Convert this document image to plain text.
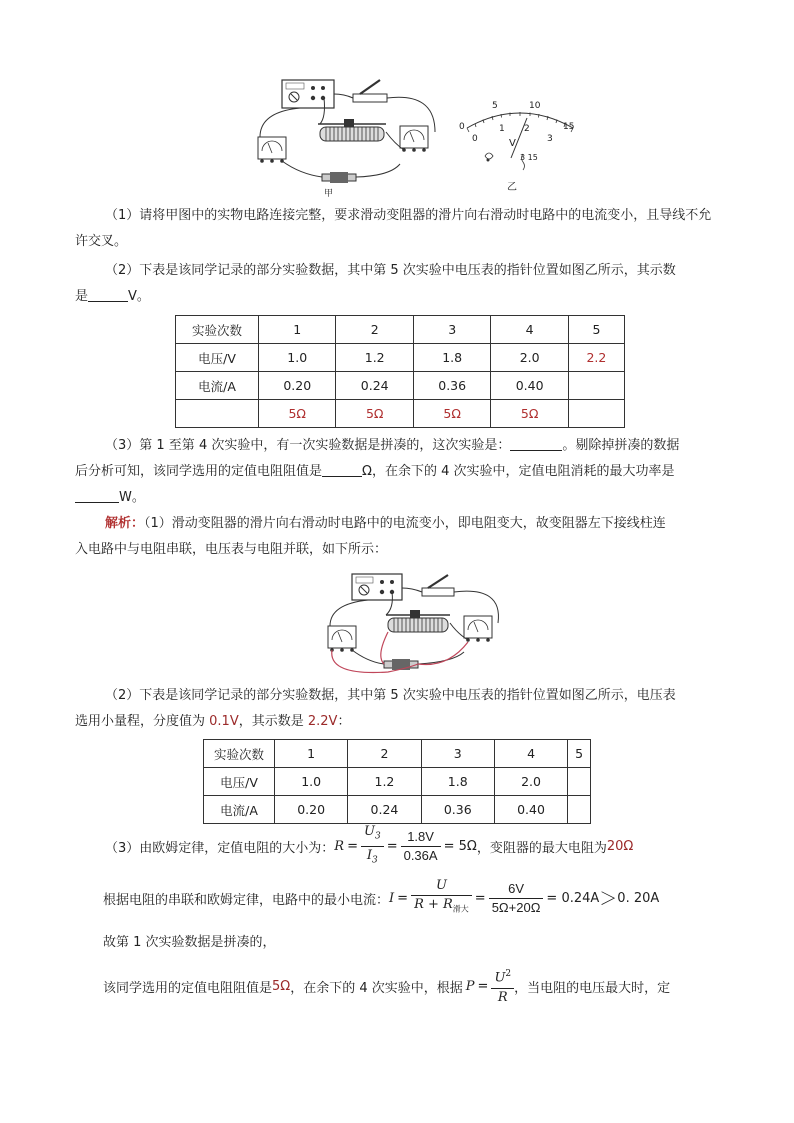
甲
0
5	10
15
0
1 2
3
V
3 15
乙

（1）请将甲图中的实物电路连接完整，要求滑动变阻器的滑片向右滑动时电路中的电流变小，且导线不允许交叉。

（2）下表是该同学记录的部分实验数据，其中第 5 次实验中电压表的指针位置如图乙所示，其示数

是	V。

实验次数	1	2	3	4	5
电压/V	1.0	1.2	1.8	2.0	2.2
电流/A	0.20	0.24	0.36	0.40	
	5Ω	5Ω	5Ω	5Ω	

（3）第 1 至第 4 次实验中，有一次实验数据是拼凑的，这次实验是：	。剔除掉拼凑的数据

后分析可知，该同学选用的定值电阻阻值是	Ω，在余下的 4 次实验中，定值电阻消耗的最大功率是

W。

解析：（1）滑动变阻器的滑片向右滑动时电路中的电流变小，即电阻变大，故变阻器左下接线柱连

入电路中与电阻串联，电压表与电阻并联，如下所示：

（2）下表是该同学记录的部分实验数据，其中第 5 次实验中电压表的指针位置如图乙所示，电压表

选用小量程，分度值为 0.1V，其示数是 2.2V：

实验次数	1	2	3	4	5
电压/V	1.0	1.2	1.8	2.0	
电流/A	0.20	0.24	0.36	0.40	
（3）由欧姆定律，定值电阻的大小为： $R = \frac{U_3}{I_3} = \frac{1.8V}{0.36A} = 5\Omega$ ，变阻器的最大电阻为 20Ω
根据电阻的串联和欧姆定律，电路中的最小电流： $I = \frac{U}{R + R_{滑大}} = \frac{6V}{5\Omega+20\Omega} = 0.24A > 0$. 20A
故第 1 次实验数据是拼凑的，
该同学选用的定值电阻阻值是 5Ω ，在余下的 4 次实验中，根据 $P = \frac{U^2}{R}$ ，当电阻的电压最大时，定
